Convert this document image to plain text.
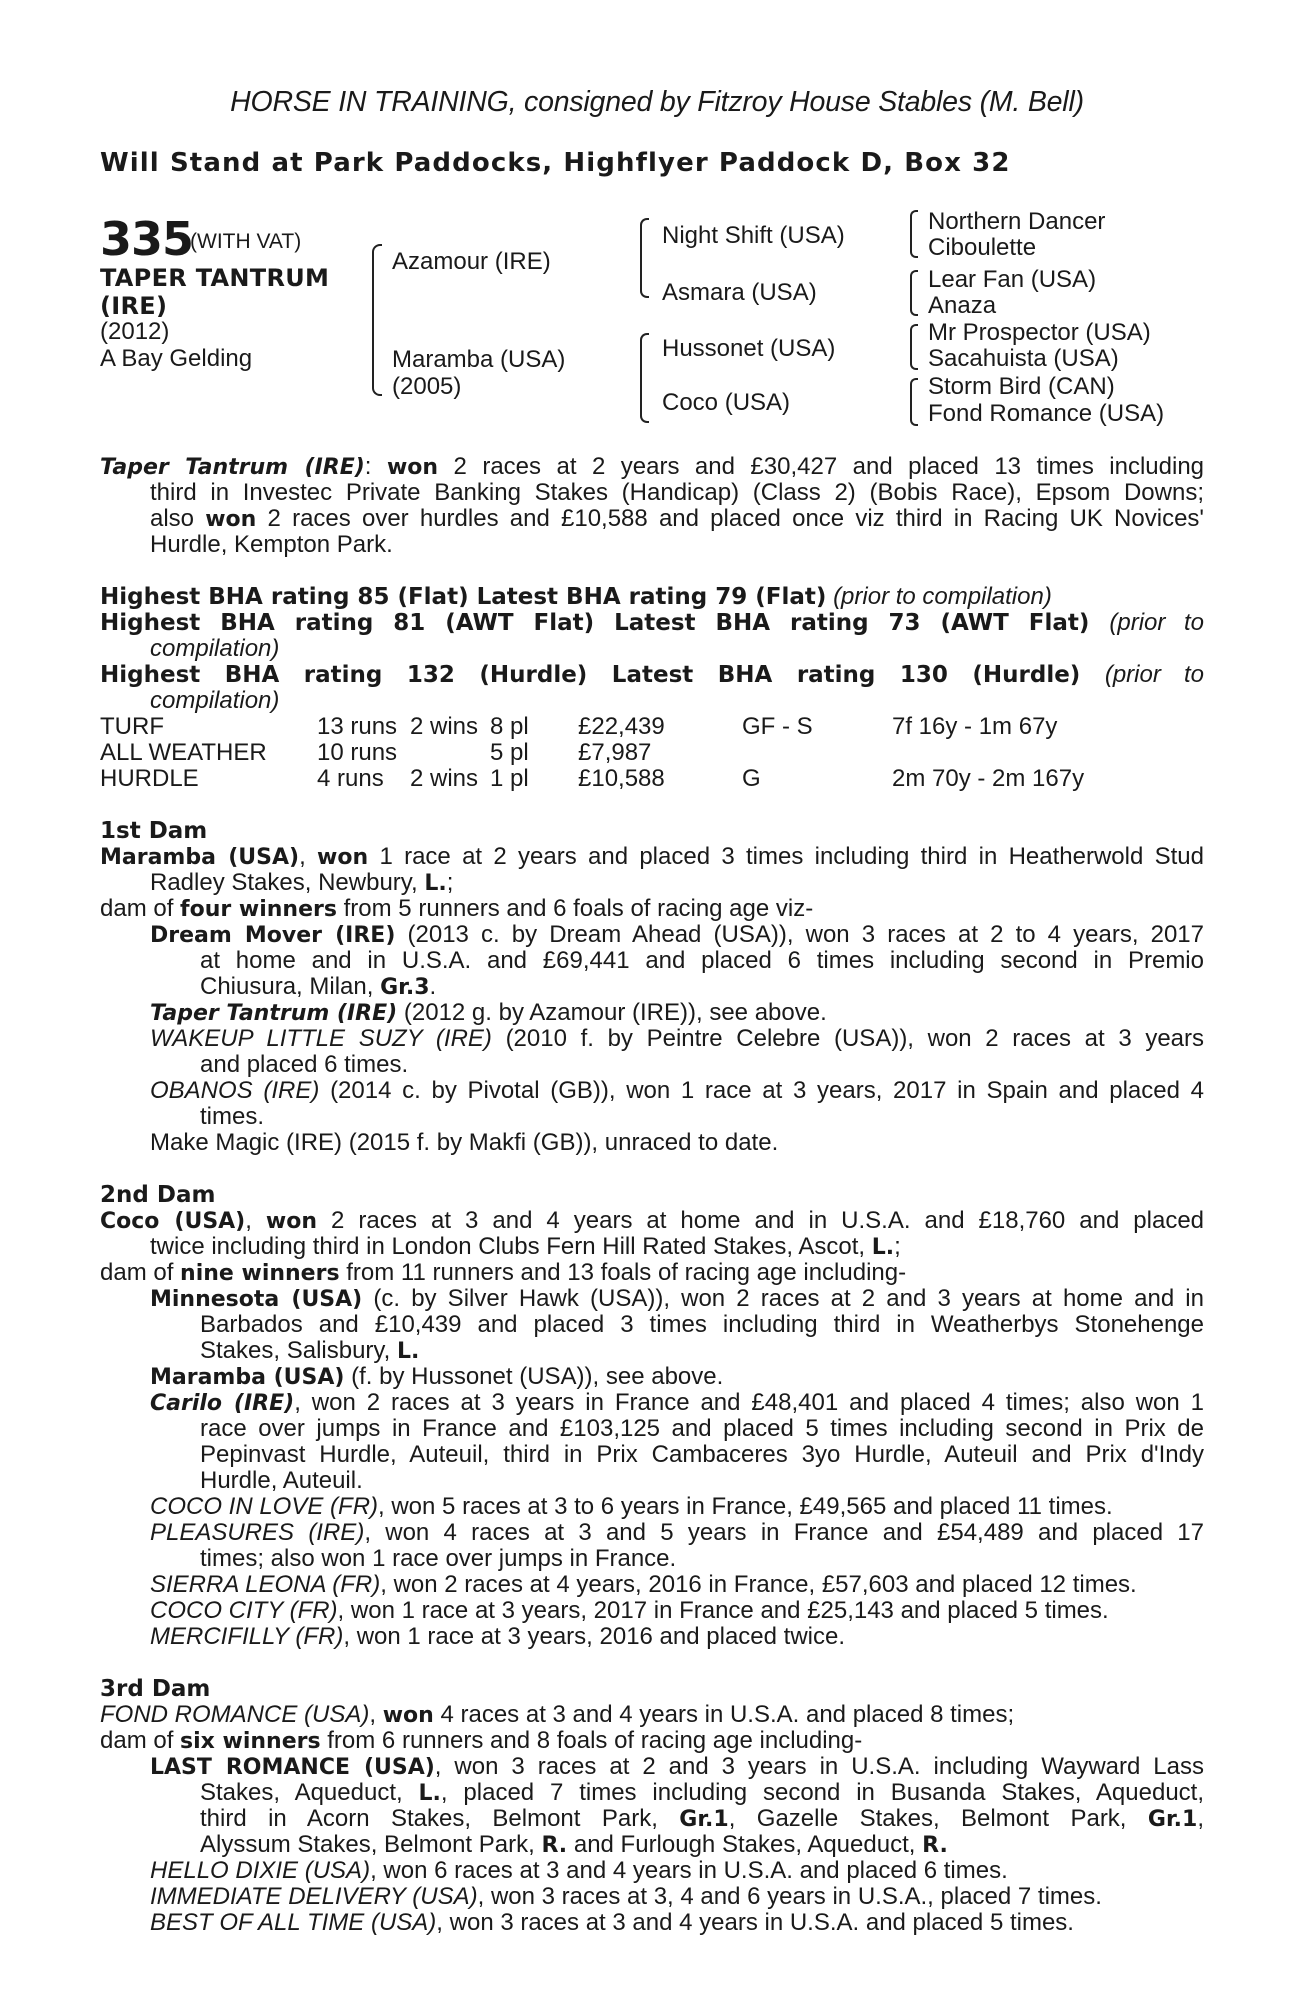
HORSE IN TRAINING, consigned by Fitzroy House Stables (M. Bell)
Will Stand at Park Paddocks, Highflyer Paddock D, Box 32
335
(WITH VAT)
TAPER TANTRUM
(IRE)
(2012)
A Bay Gelding
Azamour (IRE)
Maramba (USA)
(2005)
Night Shift (USA)
Asmara (USA)
Hussonet (USA)
Coco (USA)
Northern Dancer
Ciboulette
Lear Fan (USA)
Anaza
Mr Prospector (USA)
Sacahuista (USA)
Storm Bird (CAN)
Fond Romance (USA)
Taper Tantrum (IRE): won 2 races at 2 years and £30,427 and placed 13 times including
third in Investec Private Banking Stakes (Handicap) (Class 2) (Bobis Race), Epsom Downs;
also won 2 races over hurdles and £10,588 and placed once viz third in Racing UK Novices'
Hurdle, Kempton Park.
Highest BHA rating 85 (Flat) Latest BHA rating 79 (Flat) (prior to compilation)
Highest BHA rating 81 (AWT Flat) Latest BHA rating 73 (AWT Flat) (prior to
compilation)
Highest BHA rating 132 (Hurdle) Latest BHA rating 130 (Hurdle) (prior to
compilation)
TURF	13 runs 2 wins 8 pl £22,439	GF - S	7f 16y - 1m 67y
ALL WEATHER 10 runs	5 pl £7,987
HURDLE	4 runs 2 wins 1 pl £10,588	G	2m 70y - 2m 167y
1st Dam
Maramba (USA), won 1 race at 2 years and placed 3 times including third in Heatherwold Stud
Radley Stakes, Newbury, L.;
dam of four winners from 5 runners and 6 foals of racing age viz-
Dream Mover (IRE) (2013 c. by Dream Ahead (USA)), won 3 races at 2 to 4 years, 2017
at home and in U.S.A. and £69,441 and placed 6 times including second in Premio
Chiusura, Milan, Gr.3.
Taper Tantrum (IRE) (2012 g. by Azamour (IRE)), see above.
WAKEUP LITTLE SUZY (IRE) (2010 f. by Peintre Celebre (USA)), won 2 races at 3 years
and placed 6 times.
OBANOS (IRE) (2014 c. by Pivotal (GB)), won 1 race at 3 years, 2017 in Spain and placed 4
times.
Make Magic (IRE) (2015 f. by Makfi (GB)), unraced to date.
2nd Dam
Coco (USA), won 2 races at 3 and 4 years at home and in U.S.A. and £18,760 and placed
twice including third in London Clubs Fern Hill Rated Stakes, Ascot, L.;
dam of nine winners from 11 runners and 13 foals of racing age including-
Minnesota (USA) (c. by Silver Hawk (USA)), won 2 races at 2 and 3 years at home and in
Barbados and £10,439 and placed 3 times including third in Weatherbys Stonehenge
Stakes, Salisbury, L.
Maramba (USA) (f. by Hussonet (USA)), see above.
Carilo (IRE), won 2 races at 3 years in France and £48,401 and placed 4 times; also won 1
race over jumps in France and £103,125 and placed 5 times including second in Prix de
Pepinvast Hurdle, Auteuil, third in Prix Cambaceres 3yo Hurdle, Auteuil and Prix d'Indy
Hurdle, Auteuil.
COCO IN LOVE (FR), won 5 races at 3 to 6 years in France, £49,565 and placed 11 times.
PLEASURES (IRE), won 4 races at 3 and 5 years in France and £54,489 and placed 17
times; also won 1 race over jumps in France.
SIERRA LEONA (FR), won 2 races at 4 years, 2016 in France, £57,603 and placed 12 times.
COCO CITY (FR), won 1 race at 3 years, 2017 in France and £25,143 and placed 5 times.
MERCIFILLY (FR), won 1 race at 3 years, 2016 and placed twice.
3rd Dam
FOND ROMANCE (USA), won 4 races at 3 and 4 years in U.S.A. and placed 8 times;
dam of six winners from 6 runners and 8 foals of racing age including-
LAST ROMANCE (USA), won 3 races at 2 and 3 years in U.S.A. including Wayward Lass
Stakes, Aqueduct, L., placed 7 times including second in Busanda Stakes, Aqueduct,
third in Acorn Stakes, Belmont Park, Gr.1, Gazelle Stakes, Belmont Park, Gr.1,
Alyssum Stakes, Belmont Park, R. and Furlough Stakes, Aqueduct, R.
HELLO DIXIE (USA), won 6 races at 3 and 4 years in U.S.A. and placed 6 times.
IMMEDIATE DELIVERY (USA), won 3 races at 3, 4 and 6 years in U.S.A., placed 7 times.
BEST OF ALL TIME (USA), won 3 races at 3 and 4 years in U.S.A. and placed 5 times.
